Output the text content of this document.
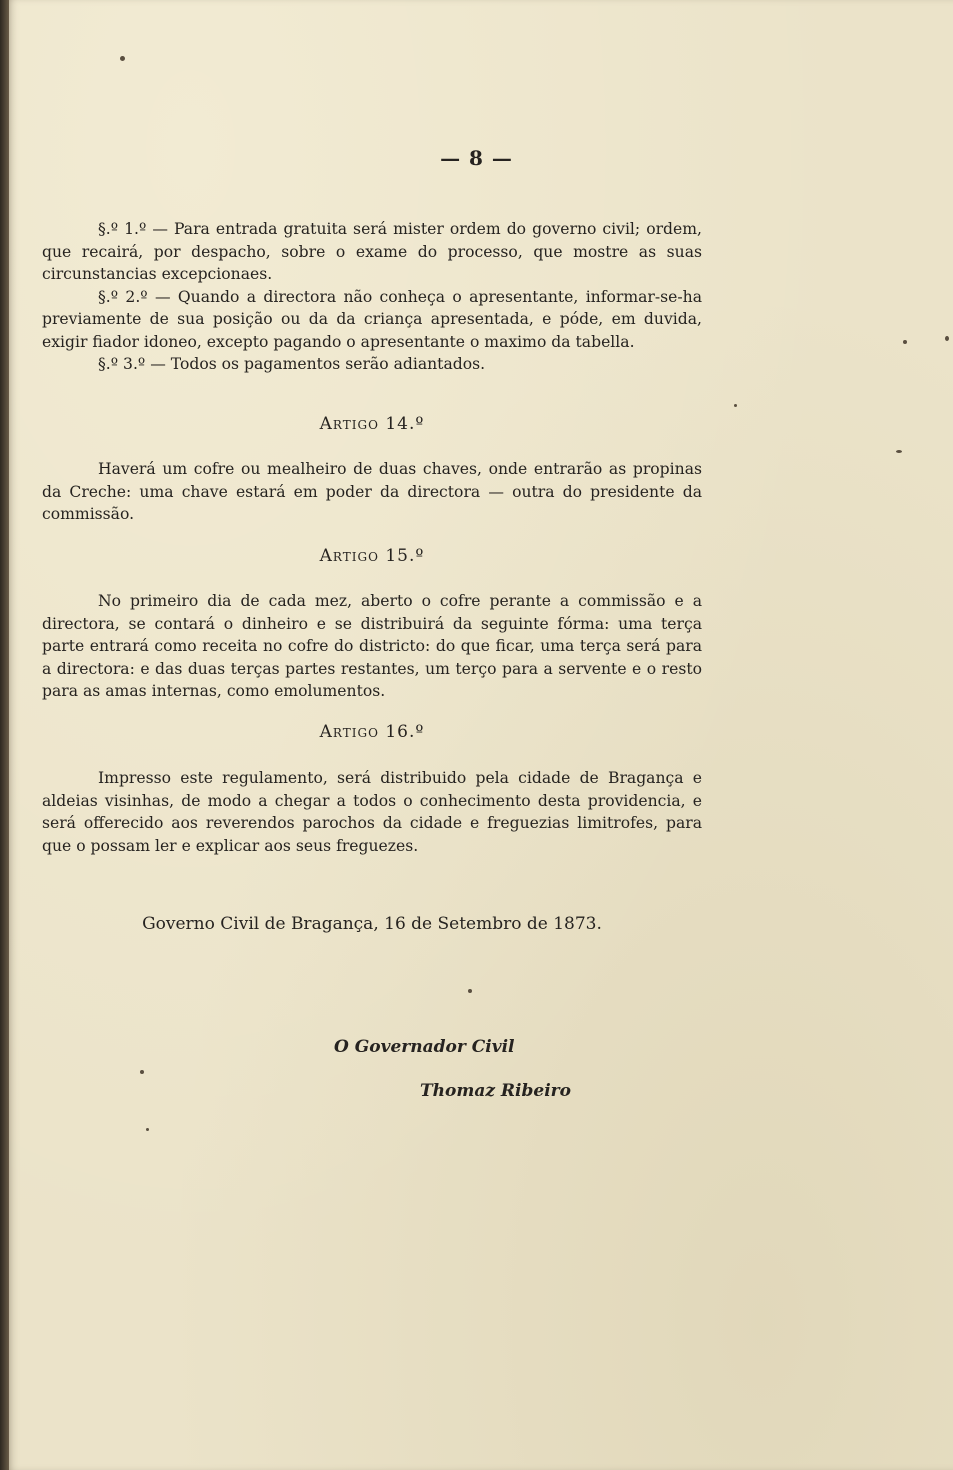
— 8 —

§.º 1.º — Para entrada gratuita será mister ordem do governo civil; ordem, que recairá, por despacho, sobre o exame do processo, que mostre as suas circunstancias excepcionaes.

§.º 2.º — Quando a directora não conheça o apresentante, informar-se-ha previamente de sua posição ou da da criança apresentada, e póde, em duvida, exigir fiador idoneo, excepto pagando o apresentante o maximo da tabella.

§.º 3.º — Todos os pagamentos serão adiantados.

Artigo 14.º

Haverá um cofre ou mealheiro de duas chaves, onde entrarão as propinas da Creche: uma chave estará em poder da directora — outra do presidente da commissão.

Artigo 15.º

No primeiro dia de cada mez, aberto o cofre perante a commissão e a directora, se contará o dinheiro e se distribuirá da seguinte fórma: uma terça parte entrará como receita no cofre do districto: do que ficar, uma terça será para a directora: e das duas terças partes restantes, um terço para a servente e o resto para as amas internas, como emolumentos.

Artigo 16.º

Impresso este regulamento, será distribuido pela cidade de Bragança e aldeias visinhas, de modo a chegar a todos o conhecimento desta providencia, e será offerecido aos reverendos parochos da cidade e freguezias limitrofes, para que o possam ler e explicar aos seus freguezes.

Governo Civil de Bragança, 16 de Setembro de 1873.
O Governador Civil
Thomaz Ribeiro
